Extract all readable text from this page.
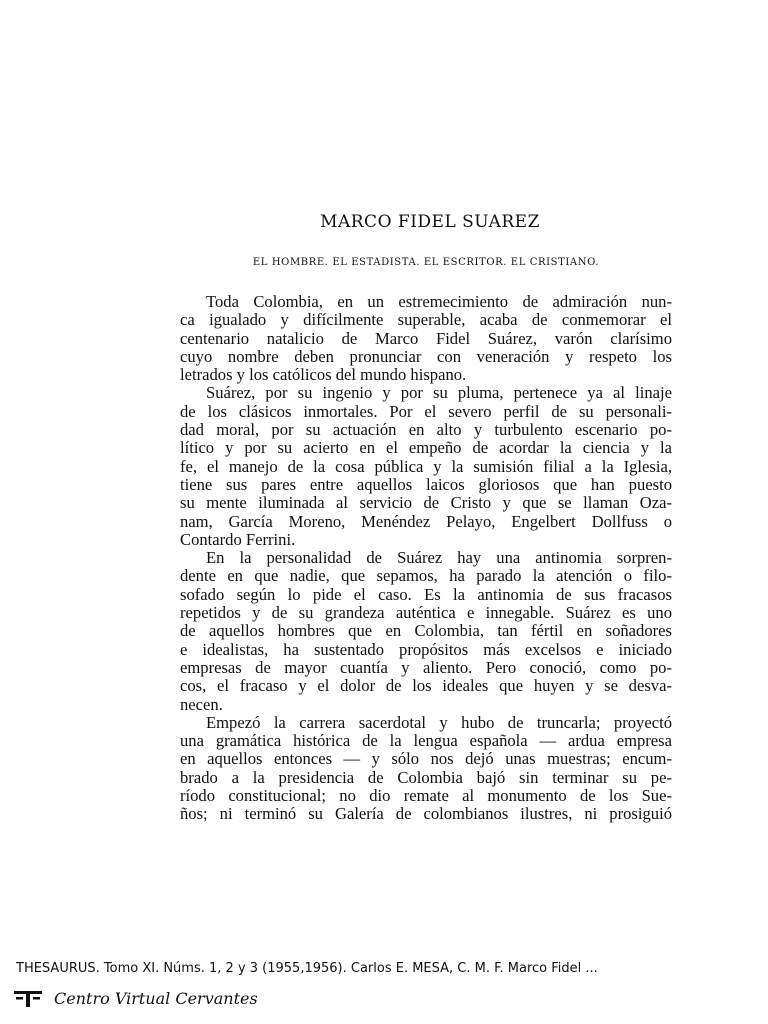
MARCO FIDEL SUAREZ
EL HOMBRE. EL ESTADISTA. EL ESCRITOR. EL CRISTIANO.

Toda Colombia, en un estremecimiento de admiración nun-
ca igualado y difícilmente superable, acaba de conmemorar el
centenario natalicio de Marco Fidel Suárez, varón clarísimo
cuyo nombre deben pronunciar con veneración y respeto los
letrados y los católicos del mundo hispano.

Suárez, por su ingenio y por su pluma, pertenece ya al linaje
de los clásicos inmortales. Por el severo perfil de su personali-
dad moral, por su actuación en alto y turbulento escenario po-
lítico y por su acierto en el empeño de acordar la ciencia y la
fe, el manejo de la cosa pública y la sumisión filial a la Iglesia,
tiene sus pares entre aquellos laicos gloriosos que han puesto
su mente iluminada al servicio de Cristo y que se llaman Oza-
nam, García Moreno, Menéndez Pelayo, Engelbert Dollfuss o
Contardo Ferrini.

En la personalidad de Suárez hay una antinomia sorpren-
dente en que nadie, que sepamos, ha parado la atención o filo-
sofado según lo pide el caso. Es la antinomia de sus fracasos
repetidos y de su grandeza auténtica e innegable. Suárez es uno
de aquellos hombres que en Colombia, tan fértil en soñadores
e idealistas, ha sustentado propósitos más excelsos e iniciado
empresas de mayor cuantía y aliento. Pero conoció, como po-
cos, el fracaso y el dolor de los ideales que huyen y se desva-
necen.

Empezó la carrera sacerdotal y hubo de truncarla; proyectó
una gramática histórica de la lengua española — ardua empresa
en aquellos entonces — y sólo nos dejó unas muestras; encum-
brado a la presidencia de Colombia bajó sin terminar su pe-
ríodo constitucional; no dio remate al monumento de los Sue-
ños; ni terminó su Galería de colombianos ilustres, ni prosiguió

THESAURUS. Tomo XI. Núms. 1, 2 y 3 (1955,1956). Carlos E. MESA, C. M. F. Marco Fidel ...
Centro Virtual Cervantes
